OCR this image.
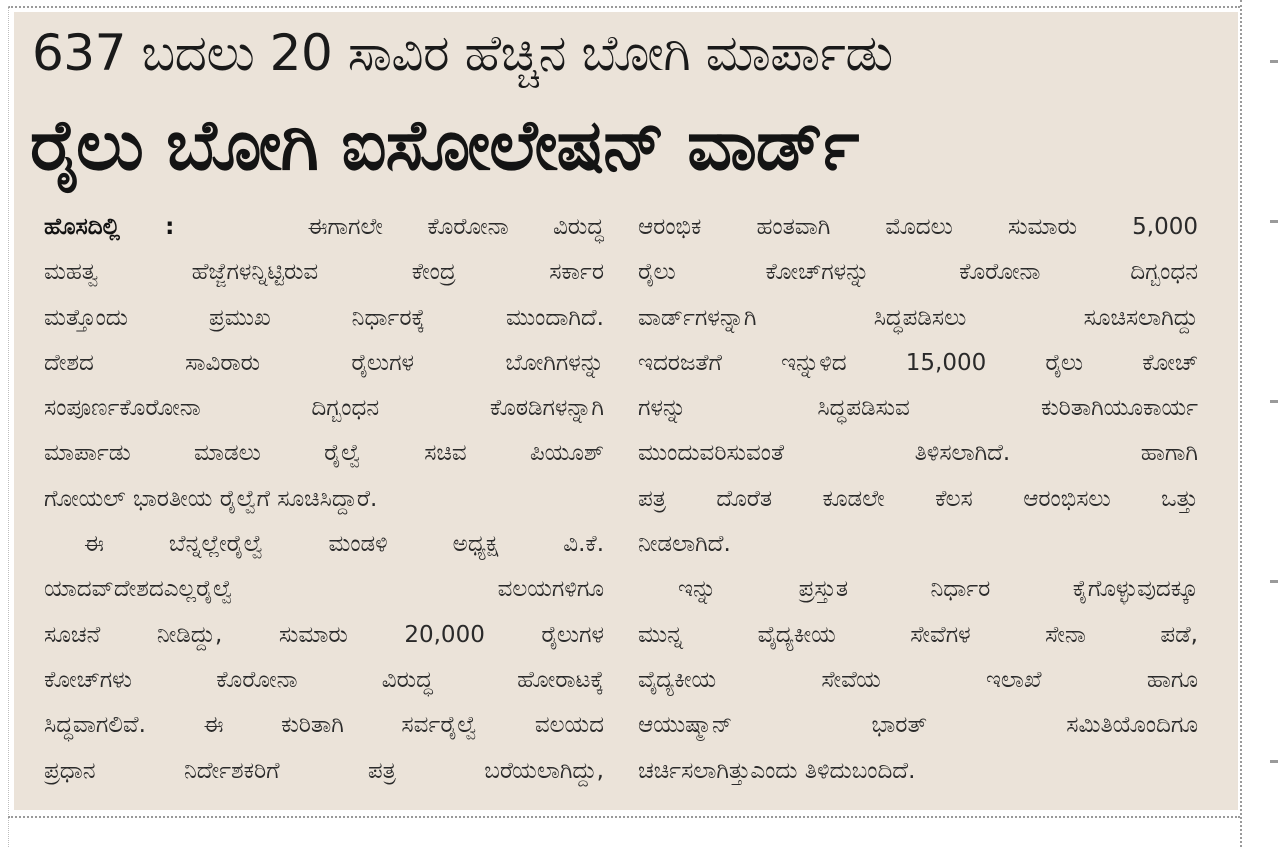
637 ಬದಲು 20 ಸಾವಿರ ಹೆಚ್ಚಿನ ಬೋಗಿ ಮಾರ್ಪಾಡು
ರೈಲು ಬೋಗಿ ಐಸೋಲೇಷನ್ ವಾರ್ಡ್
ಹೊಸದಿಲ್ಲಿ :	ಈಗಾಗಲೇ ಕೊರೋನಾ ವಿರುದ್ಧ
ಮಹತ್ವ ಹೆಜ್ಜೆಗಳನ್ನಿಟ್ಟಿರುವ ಕೇಂದ್ರ ಸರ್ಕಾರ
ಮತ್ತೊಂದು ಪ್ರಮುಖ ನಿರ್ಧಾರಕ್ಕೆ ಮುಂದಾಗಿದೆ.
ದೇಶದ ಸಾವಿರಾರು ರೈಲುಗಳ ಬೋಗಿಗಳನ್ನು
ಸಂಪೂರ್ಣಕೊರೋನಾ ದಿಗ್ಬಂಧನ ಕೊಠಡಿಗಳನ್ನಾಗಿ
ಮಾರ್ಪಾಡು ಮಾಡಲು ರೈಲ್ವೆ ಸಚಿವ ಪಿಯೂಶ್
ಗೋಯಲ್ ಭಾರತೀಯ ರೈಲ್ವೆಗೆ ಸೂಚಿಸಿದ್ದಾರೆ.
ಈ ಬೆನ್ನಲ್ಲೇರೈಲ್ವೆ ಮಂಡಳಿ ಅಧ್ಯಕ್ಷ ವಿ.ಕೆ.
ಯಾದವ್‌ದೇಶದಎಲ್ಲರೈಲ್ವೆ ವಲಯಗಳಿಗೂ
ಸೂಚನೆ ನೀಡಿದ್ದು, ಸುಮಾರು 20,000 ರೈಲುಗಳ
ಕೋಚ್‌ಗಳು ಕೊರೋನಾ ವಿರುದ್ಧ ಹೋರಾಟಕ್ಕೆ
ಸಿದ್ಧವಾಗಲಿವೆ. ಈ ಕುರಿತಾಗಿ ಸರ್ವರೈಲ್ವೆ ವಲಯದ
ಪ್ರಧಾನ ನಿರ್ದೇಶಕರಿಗೆ ಪತ್ರ ಬರೆಯಲಾಗಿದ್ದು,
ಆರಂಭಿಕ ಹಂತವಾಗಿ ಮೊದಲು ಸುಮಾರು 5,000
ರೈಲು ಕೋಚ್‌ಗಳನ್ನು ಕೊರೋನಾ ದಿಗ್ಬಂಧನ
ವಾರ್ಡ್‌ಗಳನ್ನಾಗಿ ಸಿದ್ಧಪಡಿಸಲು ಸೂಚಿಸಲಾಗಿದ್ದು
ಇದರಜತೆಗೆ ಇನ್ನುಳಿದ 15,000 ರೈಲು ಕೋಚ್
ಗಳನ್ನು ಸಿದ್ಧಪಡಿಸುವ ಕುರಿತಾಗಿಯೂಕಾರ್ಯ
ಮುಂದುವರಿಸುವಂತೆ ತಿಳಿಸಲಾಗಿದೆ. ಹಾಗಾಗಿ
ಪತ್ರ ದೊರೆತ ಕೂಡಲೇ ಕೆಲಸ ಆರಂಭಿಸಲು ಒತ್ತು
ನೀಡಲಾಗಿದೆ.
ಇನ್ನು ಪ್ರಸ್ತುತ ನಿರ್ಧಾರ ಕೈಗೊಳ್ಳುವುದಕ್ಕೂ
ಮುನ್ನ ವೈದ್ಯಕೀಯ ಸೇವೆಗಳ ಸೇನಾ ಪಡೆ,
ವೈದ್ಯಕೀಯ ಸೇವೆಯ ಇಲಾಖೆ ಹಾಗೂ
ಆಯುಷ್ಮಾನ್ ಭಾರತ್ ಸಮಿತಿಯೊಂದಿಗೂ
ಚರ್ಚಿಸಲಾಗಿತ್ತುಎಂದು ತಿಳಿದುಬಂದಿದೆ.
